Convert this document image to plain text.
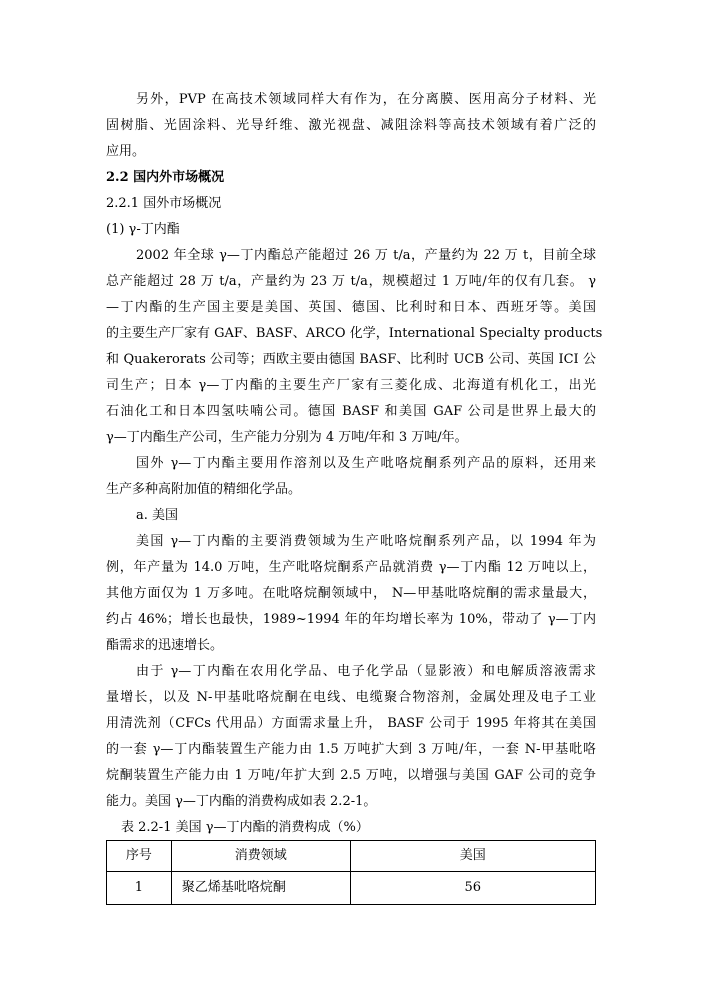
另外，PVP 在高技术领域同样大有作为，在分离膜、医用高分子材料、光
固树脂、光固涂料、光导纤维、激光视盘、减阻涂料等高技术领域有着广泛的
应用。
2.2 国内外市场概况
2.2.1 国外市场概况
(1) γ-丁内酯
2002 年全球 γ—丁内酯总产能超过 26 万 t/a，产量约为 22 万 t，目前全球
总产能超过 28 万 t/a，产量约为 23 万 t/a，规模超过 1 万吨/年的仅有几套。 γ
—丁内酯的生产国主要是美国、英国、德国、比利时和日本、西班牙等。美国
的主要生产厂家有 GAF、BASF、ARCO 化学，International Specialty products
和 Quakerorats 公司等；西欧主要由德国 BASF、比利时 UCB 公司、英国 ICI 公
司生产；日本 γ—丁内酯的主要生产厂家有三菱化成、北海道有机化工，出光
石油化工和日本四氢呋喃公司。德国 BASF 和美国 GAF 公司是世界上最大的
γ—丁内酯生产公司，生产能力分别为 4 万吨/年和 3 万吨/年。
国外 γ—丁内酯主要用作溶剂以及生产吡咯烷酮系列产品的原料，还用来
生产多种高附加值的精细化学品。
a. 美国
美国 γ—丁内酯的主要消费领域为生产吡咯烷酮系列产品，以 1994 年为
例，年产量为 14.0 万吨，生产吡咯烷酮系产品就消费 γ—丁内酯 12 万吨以上，
其他方面仅为 1 万多吨。在吡咯烷酮领域中， N—甲基吡咯烷酮的需求量最大，
约占 46%；增长也最快，1989~1994 年的年均增长率为 10%，带动了 γ—丁内
酯需求的迅速增长。
由于 γ—丁内酯在农用化学品、电子化学品（显影液）和电解质溶液需求
量增长，以及 N-甲基吡咯烷酮在电线、电缆聚合物溶剂，金属处理及电子工业
用清洗剂（CFCs 代用品）方面需求量上升， BASF 公司于 1995 年将其在美国
的一套 γ—丁内酯装置生产能力由 1.5 万吨扩大到 3 万吨/年，一套 N-甲基吡咯
烷酮装置生产能力由 1 万吨/年扩大到 2.5 万吨，以增强与美国 GAF 公司的竞争
能力。美国 γ—丁内酯的消费构成如表 2.2-1。
表 2.2-1 美国 γ—丁内酯的消费构成（%）
序号	消费领域	美国
1	聚乙烯基吡咯烷酮	56
